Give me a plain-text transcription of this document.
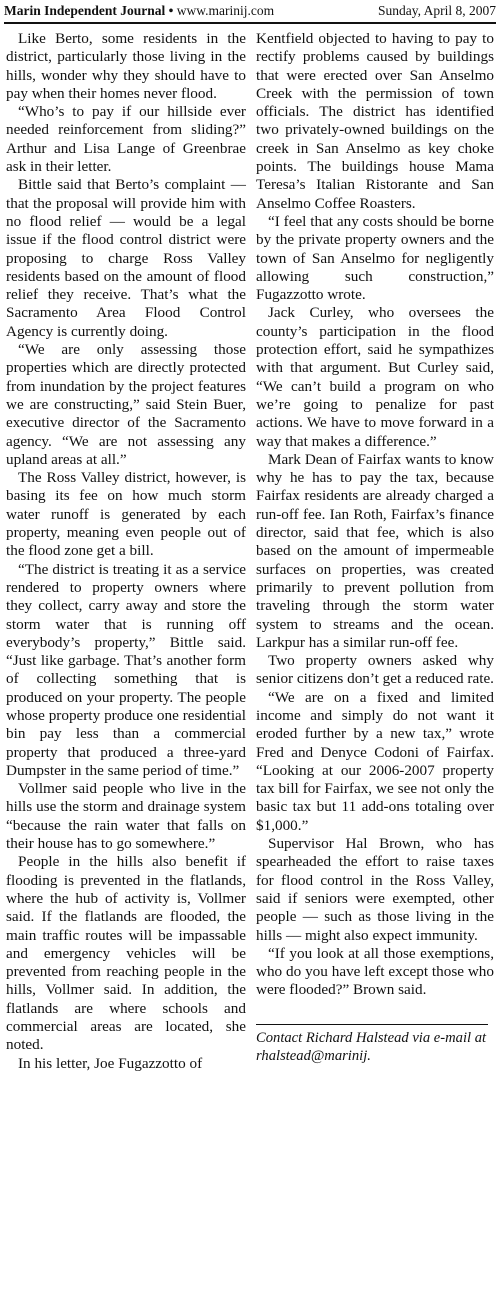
Marin Independent Journal • www.marinij.com	Sunday, April 8, 2007

Like Berto, some residents in the district, particularly those living in the hills, wonder why they should have to pay when their homes never flood.

“Who’s to pay if our hillside ever needed reinforcement from sliding?” Arthur and Lisa Lange of Greenbrae ask in their letter.

Bittle said that Berto’s complaint — that the proposal will provide him with no flood relief — would be a legal issue if the flood control district were proposing to charge Ross Valley residents based on the amount of flood relief they receive. That’s what the Sacramento Area Flood Control Agency is currently doing.

“We are only assessing those properties which are directly protected from inundation by the project features we are constructing,” said Stein Buer, executive director of the Sacramento agency. “We are not assessing any upland areas at all.”

The Ross Valley district, however, is basing its fee on how much storm water runoff is generated by each property, meaning even people out of the flood zone get a bill.

“The district is treating it as a service rendered to property owners where they collect, carry away and store the storm water that is running off everybody’s property,” Bittle said. “Just like garbage. That’s another form of collecting something that is produced on your property. The people whose property produce one residential bin pay less than a commercial property that produced a three-yard Dumpster in the same period of time.”

Vollmer said people who live in the hills use the storm and drainage system “because the rain water that falls on their house has to go somewhere.”

People in the hills also benefit if flooding is prevented in the flatlands, where the hub of activity is, Vollmer said. If the flatlands are flooded, the main traffic routes will be impassable and emergency vehicles will be prevented from reaching people in the hills, Vollmer said. In addition, the flatlands are where schools and commercial areas are located, she noted.

In his letter, Joe Fugazzotto of

Kentfield objected to having to pay to rectify problems caused by buildings that were erected over San Anselmo Creek with the permission of town officials. The district has identified two privately-owned buildings on the creek in San Anselmo as key choke points. The buildings house Mama Teresa’s Italian Ristorante and San Anselmo Coffee Roasters.

“I feel that any costs should be borne by the private property owners and the town of San Anselmo for negligently allowing such construction,” Fugazzotto wrote.

Jack Curley, who oversees the county’s participation in the flood protection effort, said he sympathizes with that argument. But Curley said, “We can’t build a program on who we’re going to penalize for past actions. We have to move forward in a way that makes a difference.”

Mark Dean of Fairfax wants to know why he has to pay the tax, because Fairfax residents are already charged a run-off fee. Ian Roth, Fairfax’s finance director, said that fee, which is also based on the amount of impermeable surfaces on properties, was created primarily to prevent pollution from traveling through the storm water system to streams and the ocean. Larkpur has a similar run-off fee.

Two property owners asked why senior citizens don’t get a reduced rate.

“We are on a fixed and limited income and simply do not want it eroded further by a new tax,” wrote Fred and Denyce Codoni of Fairfax. “Looking at our 2006-2007 property tax bill for Fairfax, we see not only the basic tax but 11 add-ons totaling over $1,000.”

Supervisor Hal Brown, who has spearheaded the effort to raise taxes for flood control in the Ross Valley, said if seniors were exempted, other people — such as those living in the hills — might also expect immunity.

“If you look at all those exemptions, who do you have left except those who were flooded?” Brown said.

Contact Richard Halstead via e-mail at rhalstead@marinij.
